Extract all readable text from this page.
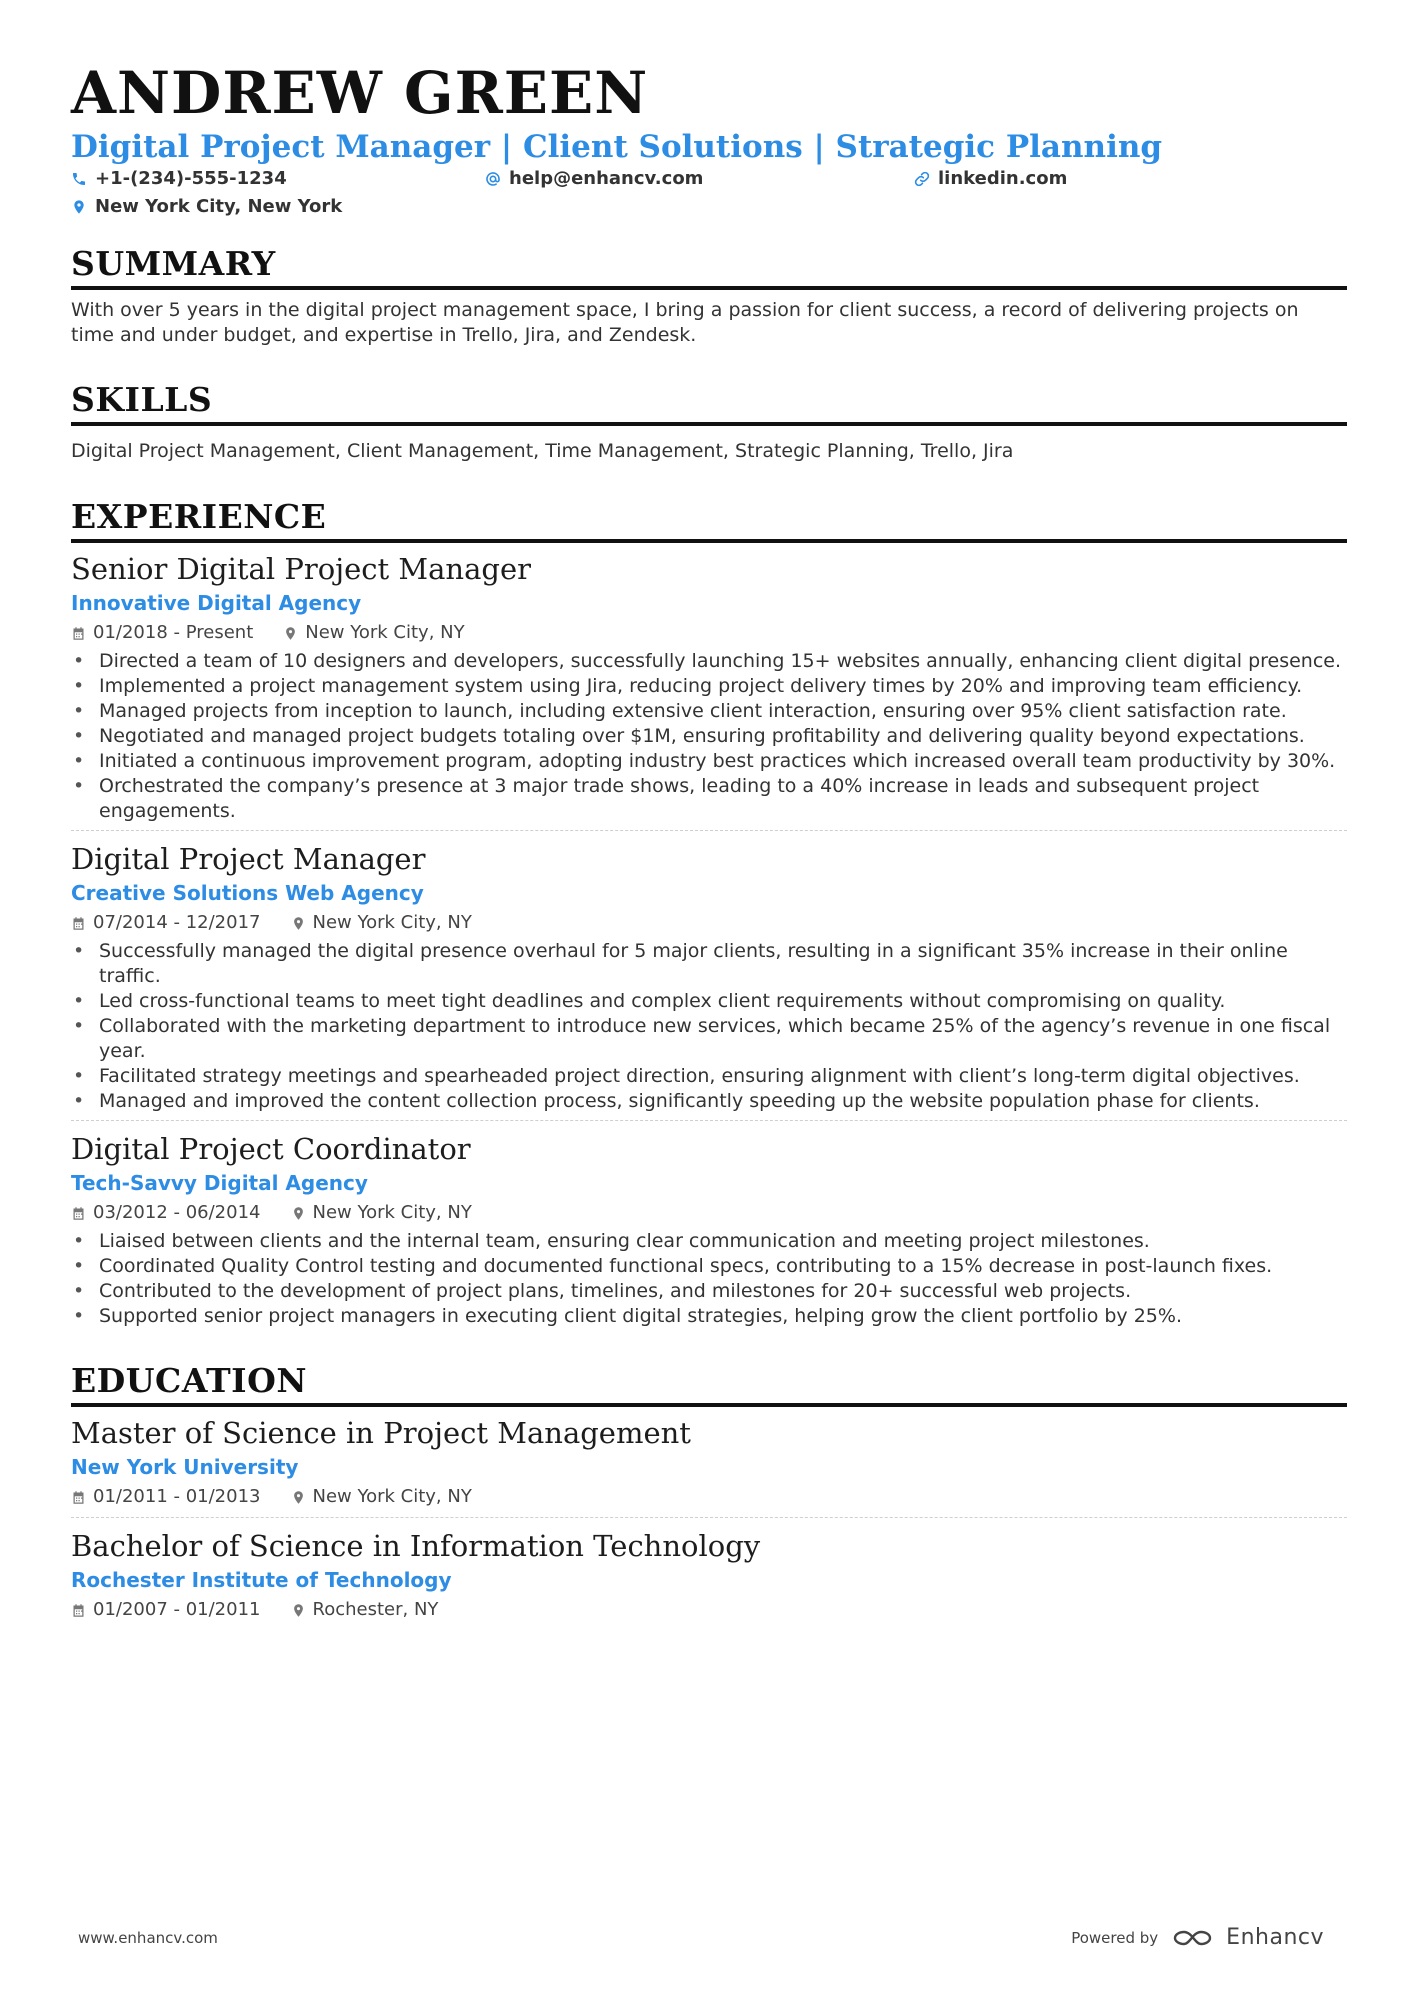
ANDREW GREEN
Digital Project Manager | Client Solutions | Strategic Planning
+1-(234)-555-1234	help@enhancv.com	linkedin.com
New York City, New York
SUMMARY

With over 5 years in the digital project management space, I bring a passion for client success, a record of delivering projects on time and under budget, and expertise in Trello, Jira, and Zendesk.

SKILLS

Digital Project Management, Client Management, Time Management, Strategic Planning, Trello, Jira

EXPERIENCE
Senior Digital Project Manager
Innovative Digital Agency
01/2018 - Present	New York City, NY
• Directed a team of 10 designers and developers, successfully launching 15+ websites annually, enhancing client digital presence.
• Implemented a project management system using Jira, reducing project delivery times by 20% and improving team efficiency.
• Managed projects from inception to launch, including extensive client interaction, ensuring over 95% client satisfaction rate.
• Negotiated and managed project budgets totaling over $1M, ensuring profitability and delivering quality beyond expectations.
• Initiated a continuous improvement program, adopting industry best practices which increased overall team productivity by 30%.
• Orchestrated the company’s presence at 3 major trade shows, leading to a 40% increase in leads and subsequent project engagements.
Digital Project Manager
Creative Solutions Web Agency
07/2014 - 12/2017	New York City, NY
• Successfully managed the digital presence overhaul for 5 major clients, resulting in a significant 35% increase in their online traffic.
• Led cross-functional teams to meet tight deadlines and complex client requirements without compromising on quality.
• Collaborated with the marketing department to introduce new services, which became 25% of the agency’s revenue in one fiscal year.
• Facilitated strategy meetings and spearheaded project direction, ensuring alignment with client’s long-term digital objectives.
• Managed and improved the content collection process, significantly speeding up the website population phase for clients.
Digital Project Coordinator
Tech-Savvy Digital Agency
03/2012 - 06/2014	New York City, NY
• Liaised between clients and the internal team, ensuring clear communication and meeting project milestones.
• Coordinated Quality Control testing and documented functional specs, contributing to a 15% decrease in post-launch fixes.
• Contributed to the development of project plans, timelines, and milestones for 20+ successful web projects.
• Supported senior project managers in executing client digital strategies, helping grow the client portfolio by 25%.
EDUCATION
Master of Science in Project Management
New York University
01/2011 - 01/2013	New York City, NY
Bachelor of Science in Information Technology
Rochester Institute of Technology
01/2007 - 01/2011	Rochester, NY
www.enhancv.com	Powered by	Enhancv
